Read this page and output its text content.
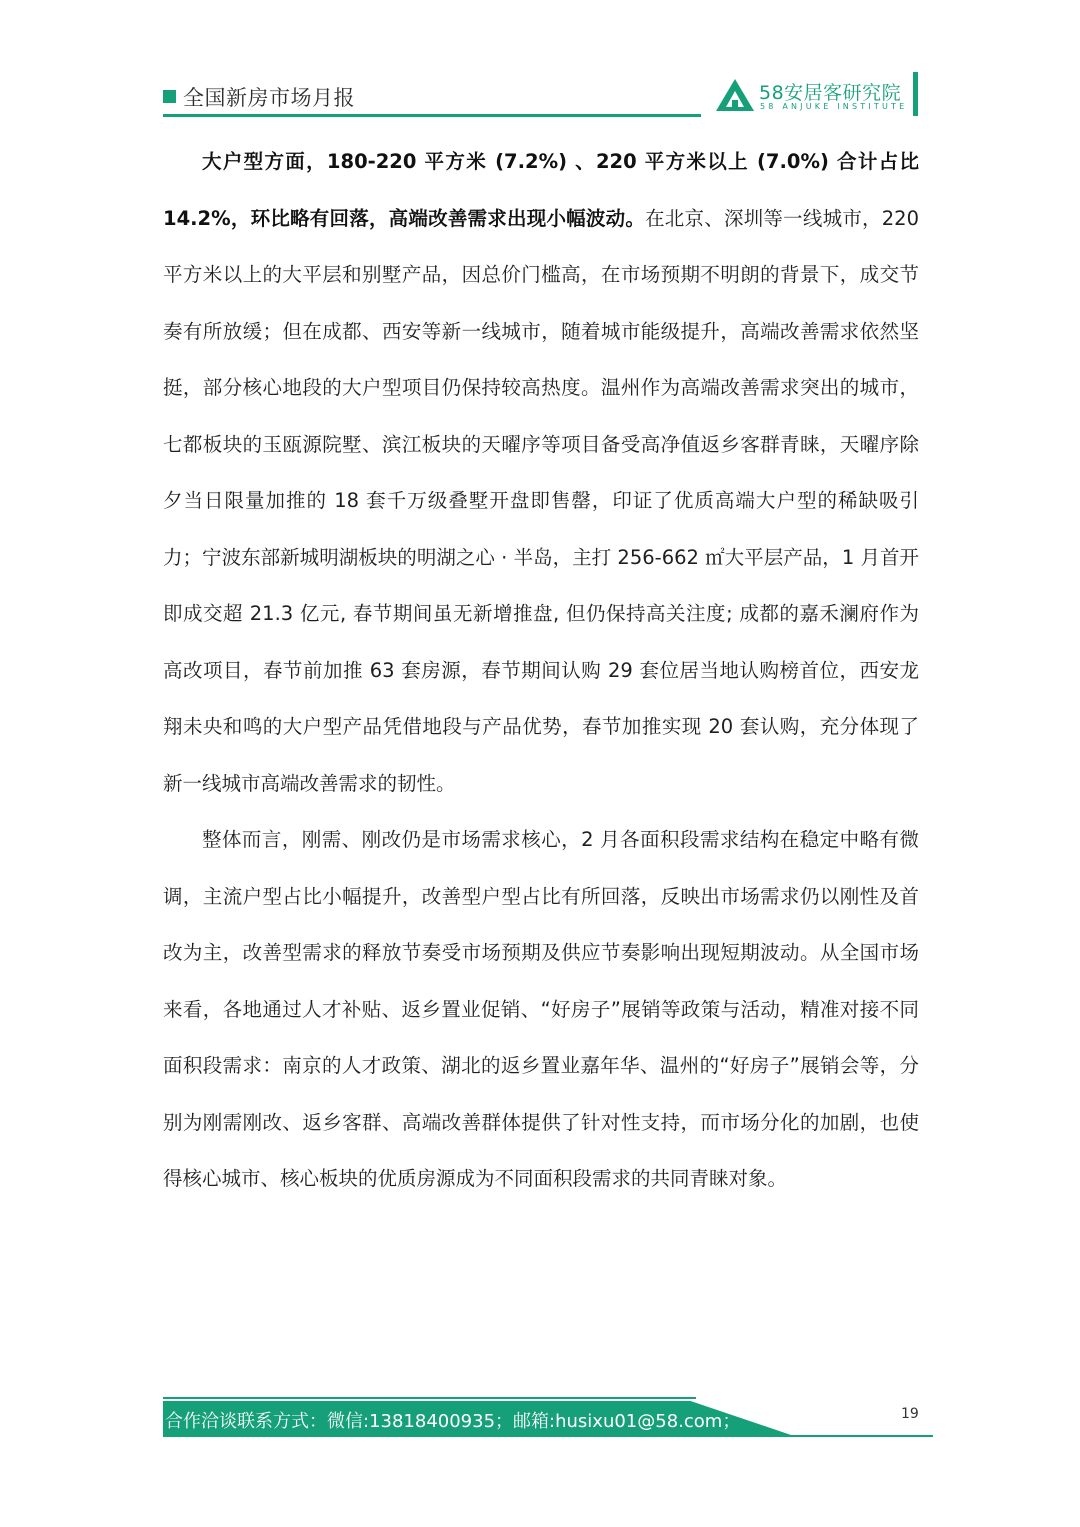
全国新房市场月报	58安居客研究院
58 ANJUKE INSTITUTE

大户型方面，180-220 平方米 (7.2%) 、220 平方米以上 (7.0%) 合计占比 14.2%，环比略有回落，高端改善需求出现小幅波动。在北京、深圳等一线城市，220 平方米以上的大平层和别墅产品，因总价门槛高，在市场预期不明朗的背景下，成交节奏有所放缓；但在成都、西安等新一线城市，随着城市能级提升，高端改善需求依然坚挺，部分核心地段的大户型项目仍保持较高热度。温州作为高端改善需求突出的城市，七都板块的玉瓯源院墅、滨江板块的天曜序等项目备受高净值返乡客群青睐，天曜序除夕当日限量加推的 18 套千万级叠墅开盘即售罄，印证了优质高端大户型的稀缺吸引力；宁波东部新城明湖板块的明湖之心 · 半岛，主打 256-662 ㎡大平层产品，1 月首开即成交超 21.3 亿元, 春节期间虽无新增推盘, 但仍保持高关注度; 成都的嘉禾澜府作为高改项目，春节前加推 63 套房源，春节期间认购 29 套位居当地认购榜首位，西安龙翔未央和鸣的大户型产品凭借地段与产品优势，春节加推实现 20 套认购，充分体现了新一线城市高端改善需求的韧性。

整体而言，刚需、刚改仍是市场需求核心，2 月各面积段需求结构在稳定中略有微调，主流户型占比小幅提升，改善型户型占比有所回落，反映出市场需求仍以刚性及首改为主，改善型需求的释放节奏受市场预期及供应节奏影响出现短期波动。从全国市场来看，各地通过人才补贴、返乡置业促销、“好房子”展销等政策与活动，精准对接不同面积段需求：南京的人才政策、湖北的返乡置业嘉年华、温州的“好房子”展销会等，分别为刚需刚改、返乡客群、高端改善群体提供了针对性支持，而市场分化的加剧，也使得核心城市、核心板块的优质房源成为不同面积段需求的共同青睐对象。

合作洽谈联系方式：微信:13818400935；邮箱:husixu01@58.com；	19
